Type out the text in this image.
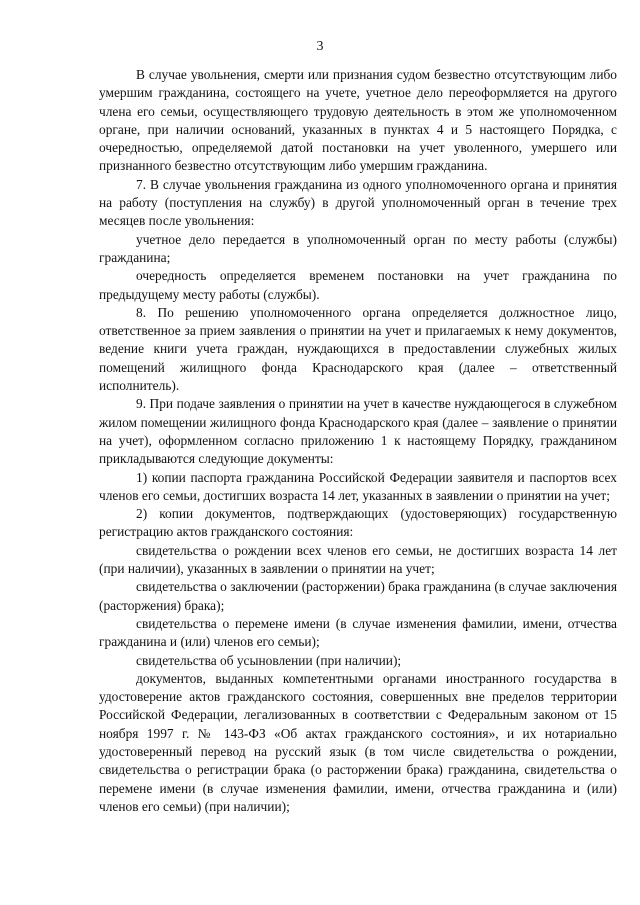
3

В случае увольнения, смерти или признания судом безвестно отсутствующим либо умершим гражданина, состоящего на учете, учетное дело переоформляется на другого члена его семьи, осуществляющего трудовую деятельность в этом же уполномоченном органе, при наличии оснований, указанных в пунктах 4 и 5 настоящего Порядка, с очередностью, определяемой датой постановки на учет уволенного, умершего или признанного безвестно отсутствующим либо умершим гражданина.

7. В случае увольнения гражданина из одного уполномоченного органа и принятия на работу (поступления на службу) в другой уполномоченный орган в течение трех месяцев после увольнения:

учетное дело передается в уполномоченный орган по месту работы (службы) гражданина;

очередность определяется временем постановки на учет гражданина по предыдущему месту работы (службы).

8. По решению уполномоченного органа определяется должностное лицо, ответственное за прием заявления о принятии на учет и прилагаемых к нему документов, ведение книги учета граждан, нуждающихся в предоставлении служебных жилых помещений жилищного фонда Краснодарского края (далее – ответственный исполнитель).

9. При подаче заявления о принятии на учет в качестве нуждающегося в служебном жилом помещении жилищного фонда Краснодарского края (далее – заявление о принятии на учет), оформленном согласно приложению 1 к настоящему Порядку, гражданином прикладываются следующие документы:

1) копии паспорта гражданина Российской Федерации заявителя и паспортов всех членов его семьи, достигших возраста 14 лет, указанных в заявлении о принятии на учет;

2) копии документов, подтверждающих (удостоверяющих) государственную регистрацию актов гражданского состояния:

свидетельства о рождении всех членов его семьи, не достигших возраста 14 лет (при наличии), указанных в заявлении о принятии на учет;

свидетельства о заключении (расторжении) брака гражданина (в случае заключения (расторжения) брака);

свидетельства о перемене имени (в случае изменения фамилии, имени, отчества гражданина и (или) членов его семьи);

свидетельства об усыновлении (при наличии);

документов, выданных компетентными органами иностранного государства в удостоверение актов гражданского состояния, совершенных вне пределов территории Российской Федерации, легализованных в соответствии с Федеральным законом от 15 ноября 1997 г. № 143-ФЗ «Об актах гражданского состояния», и их нотариально удостоверенный перевод на русский язык (в том числе свидетельства о рождении, свидетельства о регистрации брака (о расторжении брака) гражданина, свидетельства о перемене имени (в случае изменения фамилии, имени, отчества гражданина и (или) членов его семьи) (при наличии);
